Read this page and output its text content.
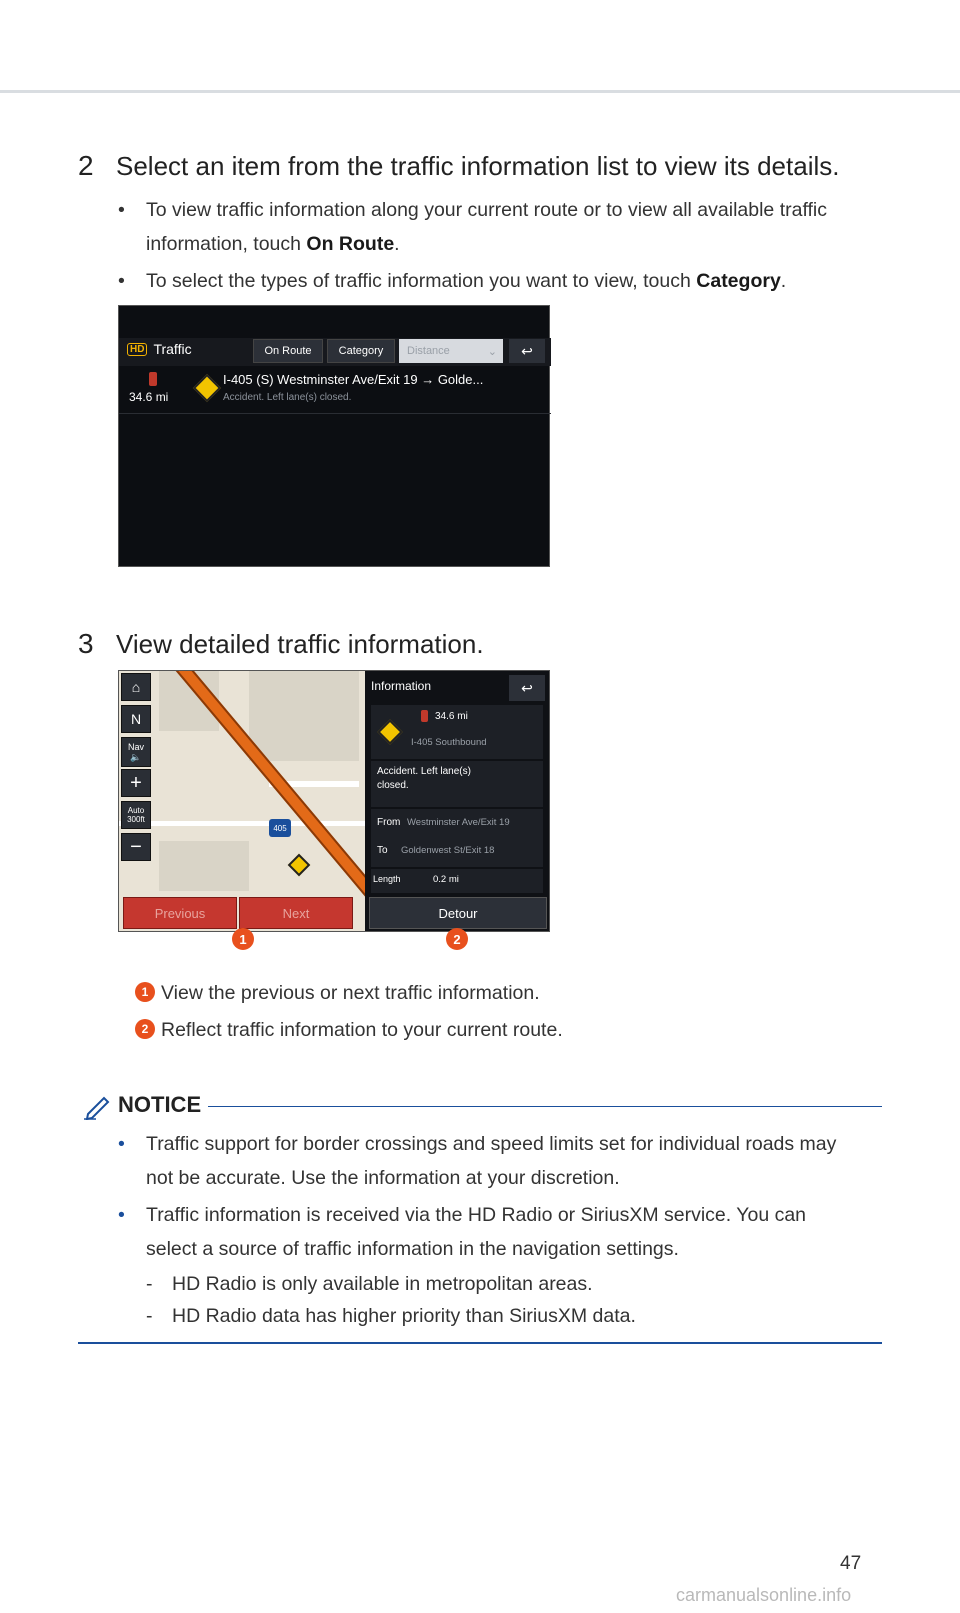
2 Select an item from the traffic information list to view its details.
•	To view traffic information along your current route or to view all available traffic
information, touch On Route.
•	To select the types of traffic information you want to view, touch Category.
HD Traffic	On Route	Category	Distance	⌄	↩
34.6 mi
I-405 (S) Westminster Ave/Exit 19 → Golde...
Accident. Left lane(s) closed.
3 View detailed traffic information.
405
⌂
N
Nav
🔈
+
Auto
300ft
−
Previous	Next
Information	↩
34.6 mi
I-405 Southbound
Accident. Left lane(s) closed.
From Westminster Ave/Exit 19
To Goldenwest St/Exit 18
Length	0.2 mi
Detour
1	2
1 View the previous or next traffic information.
2 Reflect traffic information to your current route.
NOTICE
•	Traffic support for border crossings and speed limits set for individual roads may
not be accurate. Use the information at your discretion.
•	Traffic information is received via the HD Radio or SiriusXM service. You can
select a source of traffic information in the navigation settings.
-	HD Radio is only available in metropolitan areas.
-	HD Radio data has higher priority than SiriusXM data.
47
carmanualsonline.info
